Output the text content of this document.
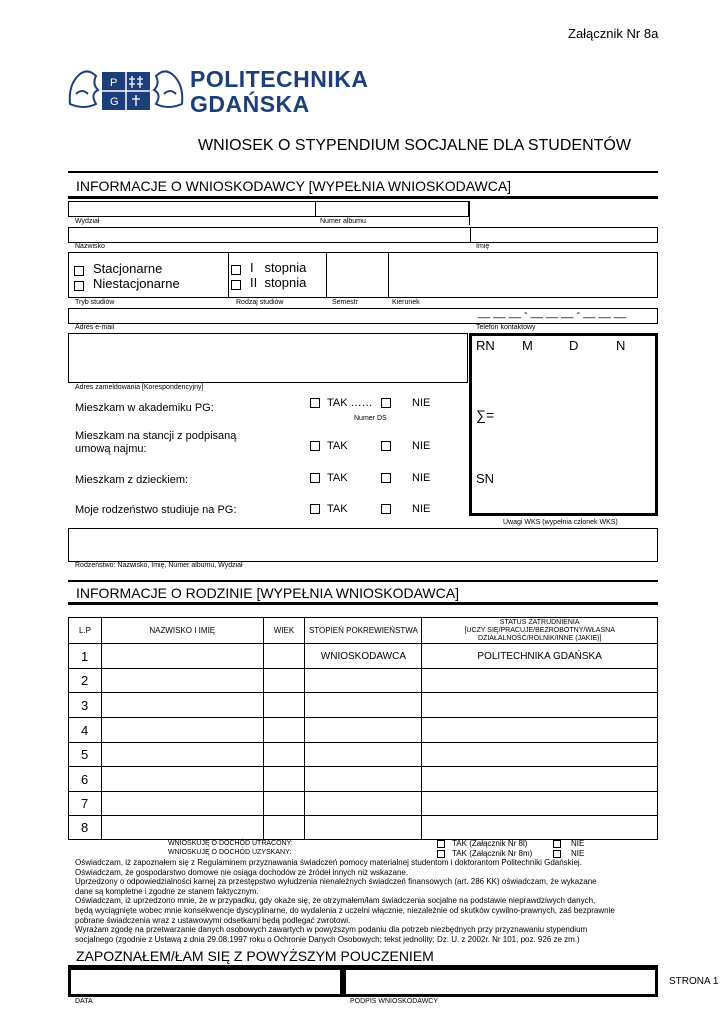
Załącznik Nr 8a
P
G
POLITECHNIKA
GDAŃSKA
WNIOSEK O STYPENDIUM SOCJALNE DLA STUDENTÓW
INFORMACJE O WNIOSKODAWCY [WYPEŁNIA WNIOSKODAWCA]
Wydział	Numer albumu
Nazwisko	Imię
Stacjonarne
Niestacjonarne
I   stopnia
II  stopnia
Tryb studiów	Rodzaj studiów	Semestr	Kierunek
__ __ __ - __ __ __ - __ __ __
Adres e-mail	Telefon kontaktowy
Adres zameldowania [Korespondencyjny]
RN M	D	N
∑=
SN
Uwagi WKS (wypełnia członek WKS)
Mieszkam w akademiku PG:	TAK ……	NIE
Numer DS
Mieszkam na stancji z podpisaną
umową najmu:	TAK	NIE
Mieszkam z dzieckiem:	TAK	NIE
Moje rodzeństwo studiuje na PG:	TAK	NIE
Rodzeństwo: Nazwisko, Imię, Numer albumu, Wydział
INFORMACJE O RODZINIE [WYPEŁNIA WNIOSKODAWCA]
L.P	NAZWISKO I IMIĘ	WIEK	STOPIEŃ POKREWIEŃSTWA	STATUS ZATRUDNIENIA
[UCZY SIĘ/PRACUJE/BEZROBOTNY/WŁASNA
DZIAŁALNOŚĆ/ROLNIK/INNE (JAKIE)]

1			WNIOSKODAWCA	POLITECHNIKA GDAŃSKA
2				
3				
4				
5				
6				
7				
8				
WNIOSKUJĘ O DOCHÓD UTRACONY:
WNIOSKUJĘ O DOCHÓD UZYSKANY:
TAK (Załącznik Nr 8l)	NIE
TAK (Załącznik Nr 8m)	NIE
Oświadczam, iż zapoznałem się z Regulaminem przyznawania świadczeń pomocy materialnej studentom i doktorantom Politechniki Gdańskiej.
Oświadczam, że gospodarstwo domowe nie osiąga dochodów ze źródeł innych niż wskazane.
Uprzedzony o odpowiedzialności karnej za przestępstwo wyłudzenia nienależnych świadczeń finansowych (art. 286 KK) oświadczam, że wykazane
dane są kompletne i zgodne ze stanem faktycznym.
Oświadczam, iż uprzedzono mnie, że w przypadku, gdy okaże się, że otrzymałem/łam świadczenia socjalne na podstawie nieprawdziwych danych,
będą wyciągnięte wobec mnie konsekwencje dyscyplinarne, do wydalenia z uczelni włącznie, niezależnie od skutków cywilno-prawnych, zaś bezprawnie
pobrane świadczenia wraz z ustawowymi odsetkami będą podlegać zwrotowi.
Wyrażam zgodę na przetwarzanie danych osobowych zawartych w powyższym podaniu dla potrzeb niezbędnych przy przyznawaniu stypendium
socjalnego (zgodnie z Ustawą z dnia 29.08.1997 roku o Ochronie Danych Osobowych; tekst jednolity: Dz. U. z 2002r. Nr 101, poz. 926 ze zm.)
ZAPOZNAŁEM/ŁAM SIĘ Z POWYŻSZYM POUCZENIEM
DATA	PODPIS WNIOSKODAWCY
STRONA 1
